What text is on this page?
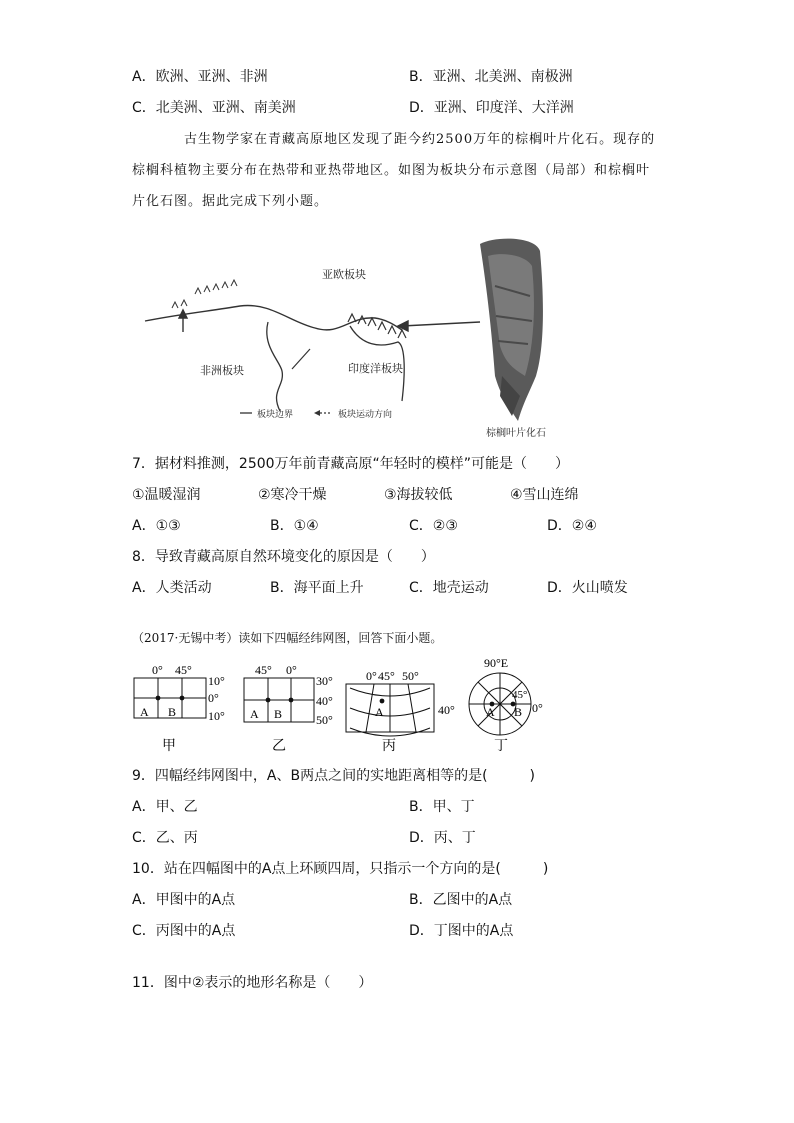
A．欧洲、亚洲、非洲	B．亚洲、北美洲、南极洲
C．北美洲、亚洲、南美洲	D．亚洲、印度洋、大洋洲
古生物学家在青藏高原地区发现了距今约2500万年的棕榈叶片化石。现存的棕榈科植物主要分布在热带和亚热带地区。如图为板块分布示意图（局部）和棕榈叶片化石图。据此完成下列小题。
亚欧板块
非洲板块	印度洋板块
板块边界	板块运动方向
棕榈叶片化石
7．据材料推测，2500万年前青藏高原“年轻时的模样”可能是（　　）
①温暖湿润	②寒冷干燥	③海拔较低	④雪山连绵
A．①③	B．①④	C．②③	D．②④
8．导致青藏高原自然环境变化的原因是（　　）
A．人类活动	B．海平面上升	C．地壳运动	D．火山喷发
（2017·无锡中考）读如下四幅经纬网图，回答下面小题。
0° 45°
10°
0°
10°
A B
甲
45° 0°
30°
40°
50°
A B
乙
0° 45° 50°
40°
A
丙
90°E
45°
0°
A B
丁
9．四幅经纬网图中，A、B两点之间的实地距离相等的是(　　　)
A．甲、乙	B．甲、丁
C．乙、丙	D．丙、丁
10．站在四幅图中的A点上环顾四周，只指示一个方向的是(　　　)
A．甲图中的A点	B．乙图中的A点
C．丙图中的A点	D．丁图中的A点
11．图中②表示的地形名称是（　　）
